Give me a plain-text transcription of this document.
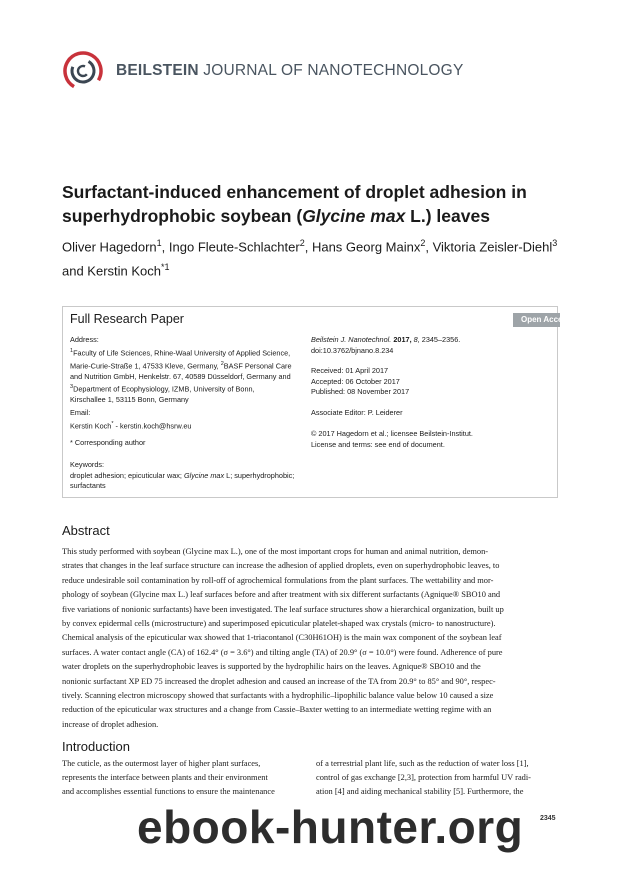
BEILSTEIN JOURNAL OF NANOTECHNOLOGY
Surfactant-induced enhancement of droplet adhesion in superhydrophobic soybean (Glycine max L.) leaves
Oliver Hagedorn$^1$, Ingo Fleute-Schlachter$^2$, Hans Georg Mainx$^2$, Viktoria Zeisler-Diehl$^3$
and Kerstin Koch$^{*1}$
Full Research Paper	Open Access
Address:
$^1$Faculty of Life Sciences, Rhine-Waal University of Applied Science,
Marie-Curie-Straße 1, 47533 Kleve, Germany, $^2$BASF Personal Care
and Nutrition GmbH, Henkelstr. 67, 40589 Düsseldorf, Germany and
$^3$Department of Ecophysiology, IZMB, University of Bonn,
Kirschallee 1, 53115 Bonn, Germany
Email:
Kerstin Koch* - kerstin.koch@hsrw.eu
* Corresponding author
Keywords:
droplet adhesion; epicuticular wax; Glycine max L; superhydrophobic;
surfactants
Beilstein J. Nanotechnol. 2017, 8, 2345–2356.
doi:10.3762/bjnano.8.234
Received: 01 April 2017
Accepted: 06 October 2017
Published: 08 November 2017
Associate Editor: P. Leiderer
© 2017 Hagedorn et al.; licensee Beilstein-Institut.
License and terms: see end of document.
Abstract
This study performed with soybean (Glycine max L.), one of the most important crops for human and animal nutrition, demon-
strates that changes in the leaf surface structure can increase the adhesion of applied droplets, even on superhydrophobic leaves, to
reduce undesirable soil contamination by roll-off of agrochemical formulations from the plant surfaces. The wettability and mor-
phology of soybean (Glycine max L.) leaf surfaces before and after treatment with six different surfactants (Agnique® SBO10 and
five variations of nonionic surfactants) have been investigated. The leaf surface structures show a hierarchical organization, built up
by convex epidermal cells (microstructure) and superimposed epicuticular platelet-shaped wax crystals (micro- to nanostructure).
Chemical analysis of the epicuticular wax showed that 1-triacontanol (C30H61OH) is the main wax component of the soybean leaf
surfaces. A water contact angle (CA) of 162.4° (σ = 3.6°) and tilting angle (TA) of 20.9° (σ = 10.0°) were found. Adherence of pure
water droplets on the superhydrophobic leaves is supported by the hydrophilic hairs on the leaves. Agnique® SBO10 and the
nonionic surfactant XP ED 75 increased the droplet adhesion and caused an increase of the TA from 20.9° to 85° and 90°, respec-
tively. Scanning electron microscopy showed that surfactants with a hydrophilic–lipophilic balance value below 10 caused a size
reduction of the epicuticular wax structures and a change from Cassie–Baxter wetting to an intermediate wetting regime with an
increase of droplet adhesion.
Introduction
The cuticle, as the outermost layer of higher plant surfaces,
represents the interface between plants and their environment
and accomplishes essential functions to ensure the maintenance
of a terrestrial plant life, such as the reduction of water loss [1],
control of gas exchange [2,3], protection from harmful UV radi-
ation [4] and aiding mechanical stability [5]. Furthermore, the
2345
ebook-hunter.org
